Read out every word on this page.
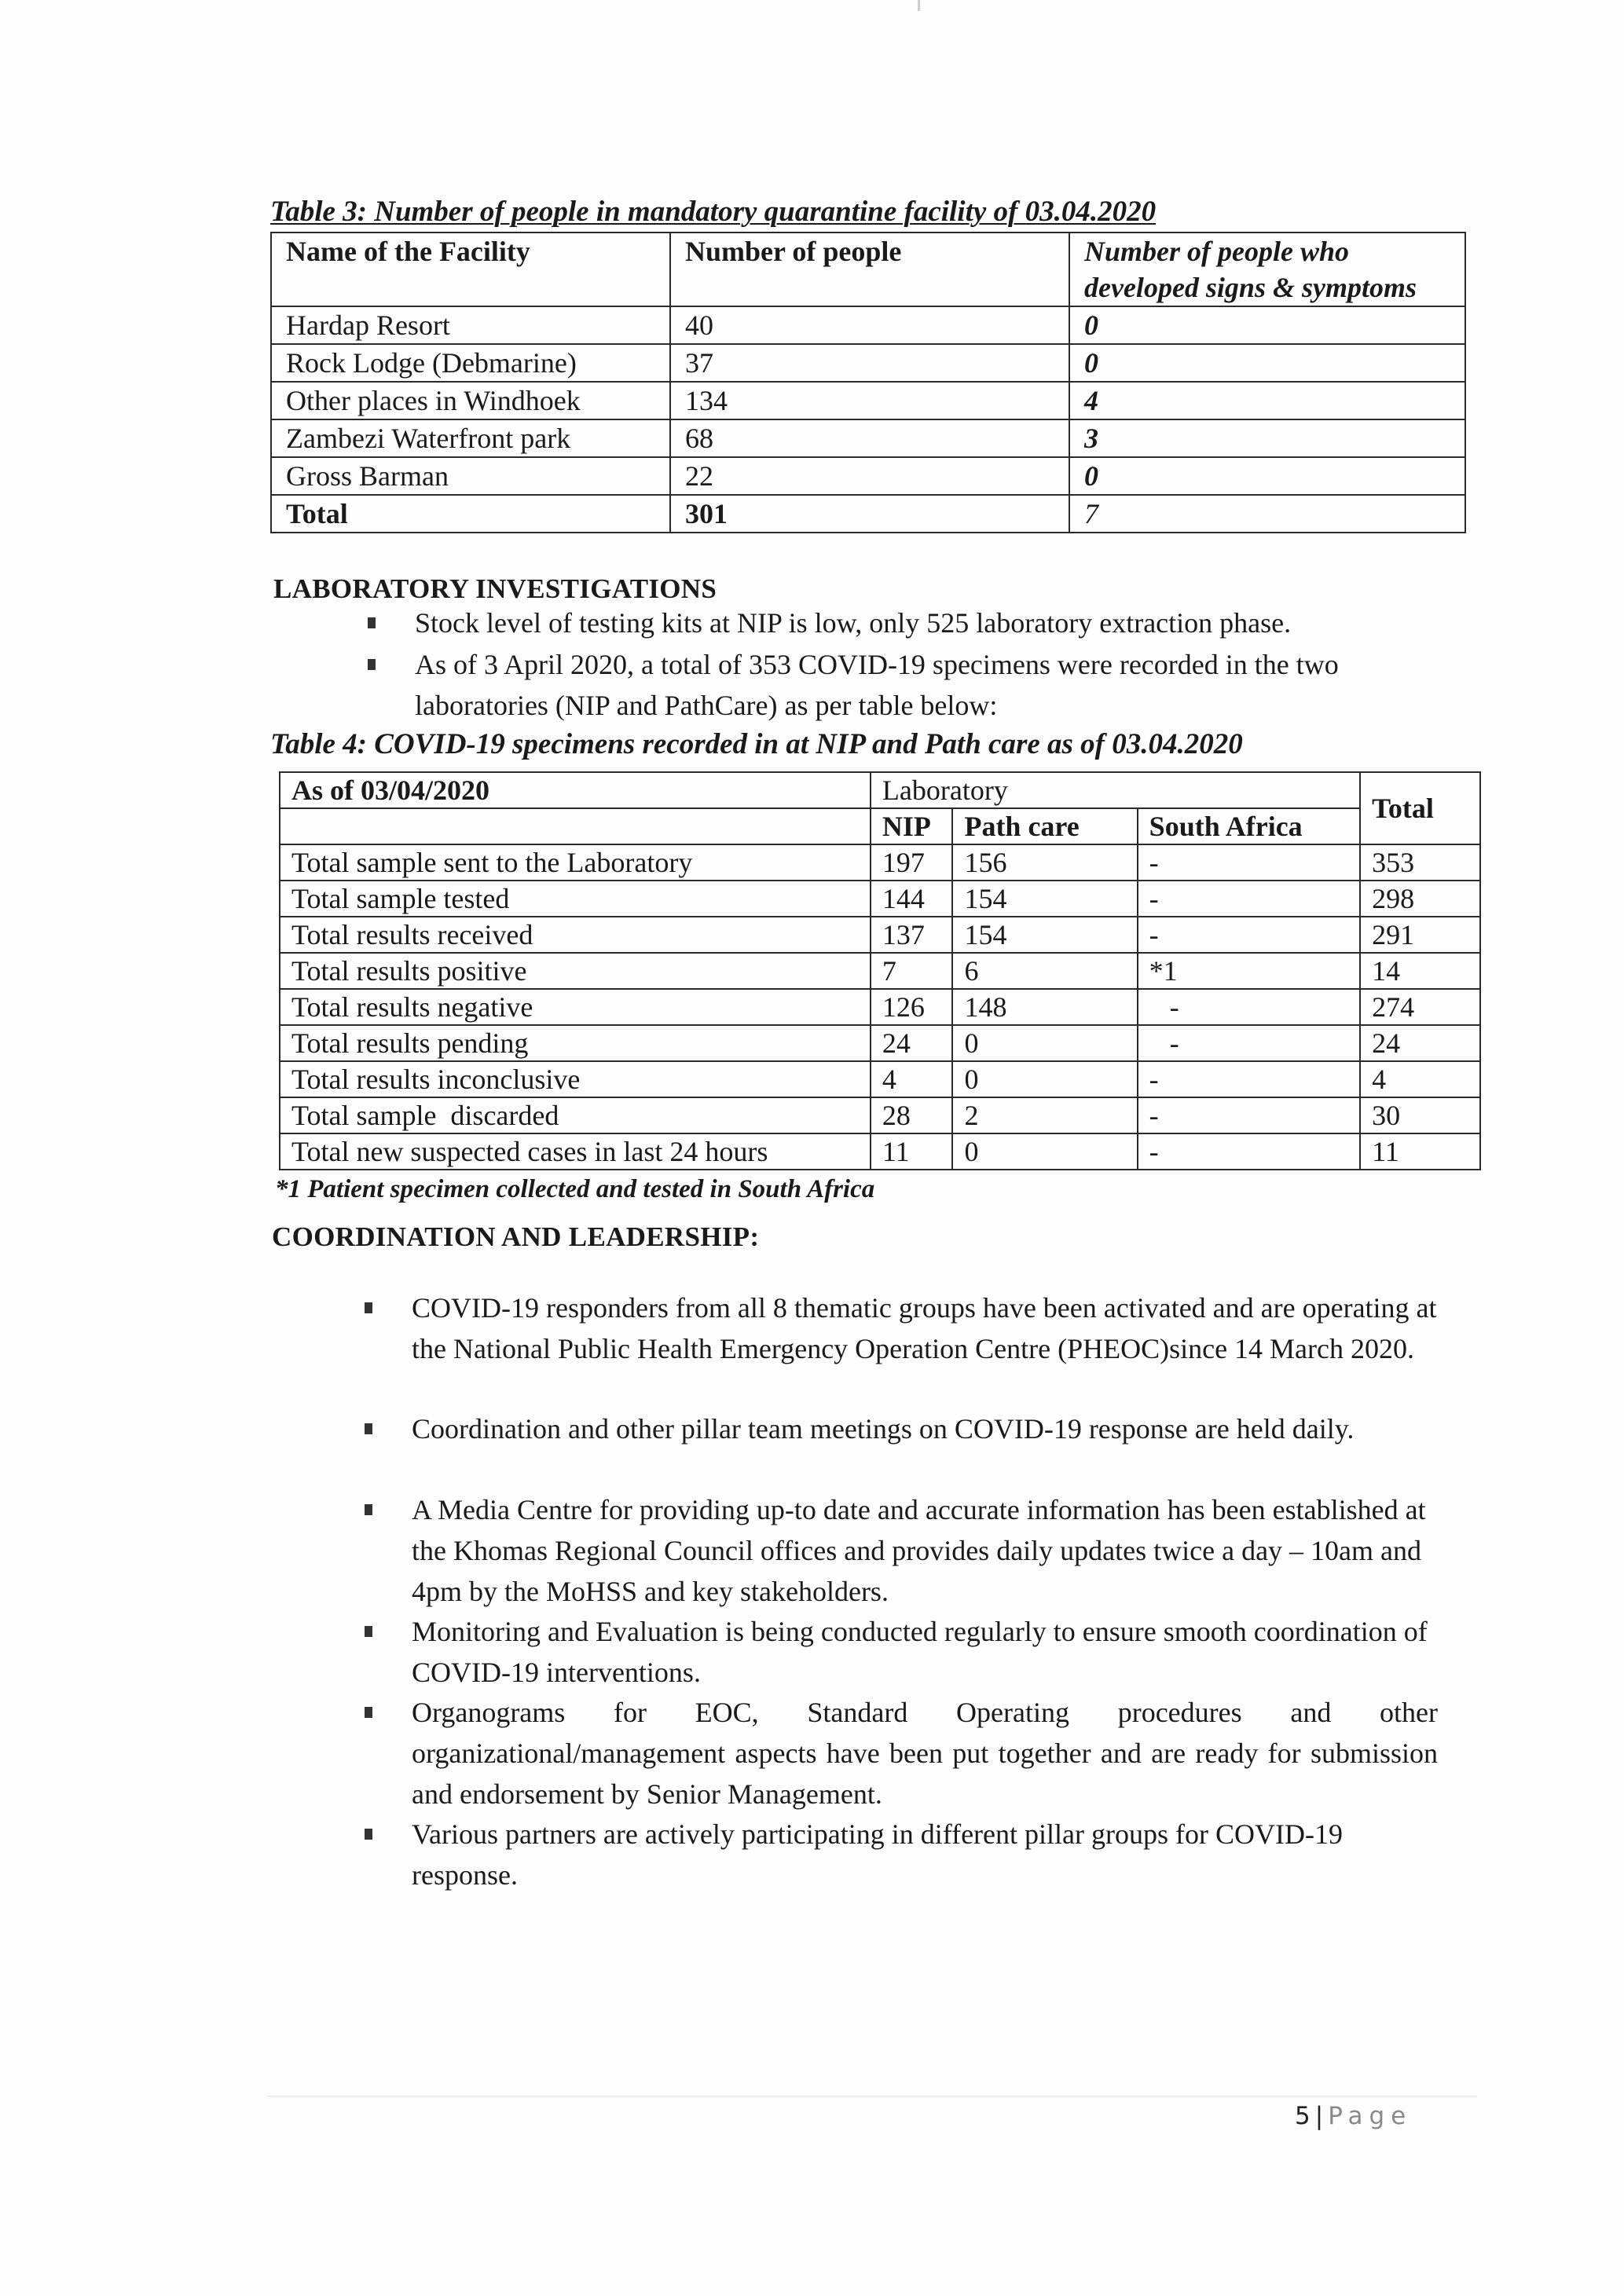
Table 3: Number of people in mandatory quarantine facility of 03.04.2020
Name of the Facility	Number of people	Number of people who developed signs & symptoms
Hardap Resort	40	0
Rock Lodge (Debmarine)	37	0
Other places in Windhoek	134	4
Zambezi Waterfront park	68	3
Gross Barman	22	0
Total	301	7
LABORATORY INVESTIGATIONS
Stock level of testing kits at NIP is low, only 525 laboratory extraction phase.
As of 3 April 2020, a total of 353 COVID-19 specimens were recorded in the two laboratories (NIP and PathCare) as per table below:
Table 4: COVID-19 specimens recorded in at NIP and Path care as of 03.04.2020
As of 03/04/2020	Laboratory			Total
	NIP	Path care	South Africa	
Total sample sent to the Laboratory	197	156	-	353
Total sample tested	144	154	-	298
Total results received	137	154	-	291
Total results positive	7	6	*1	14
Total results negative	126	148	-	274
Total results pending	24	0	-	24
Total results inconclusive	4	0	-	4
Total sample  discarded	28	2	-	30
Total new suspected cases in last 24 hours	11	0	-	11
*1 Patient specimen collected and tested in South Africa
COORDINATION AND LEADERSHIP:
COVID-19 responders from all 8 thematic groups have been activated and are operating at the National Public Health Emergency Operation Centre (PHEOC)since 14 March 2020.
Coordination and other pillar team meetings on COVID-19 response are held daily.
A Media Centre for providing up-to date and accurate information has been established at the Khomas Regional Council offices and provides daily updates twice a day – 10am and 4pm by the MoHSS and key stakeholders.
Monitoring and Evaluation is being conducted regularly to ensure smooth coordination of COVID-19 interventions.
Organograms for EOC, Standard Operating procedures and other organizational/management aspects have been put together and are ready for submission and endorsement by Senior Management.
Various partners are actively participating in different pillar groups for COVID-19 response.
5 | Page
